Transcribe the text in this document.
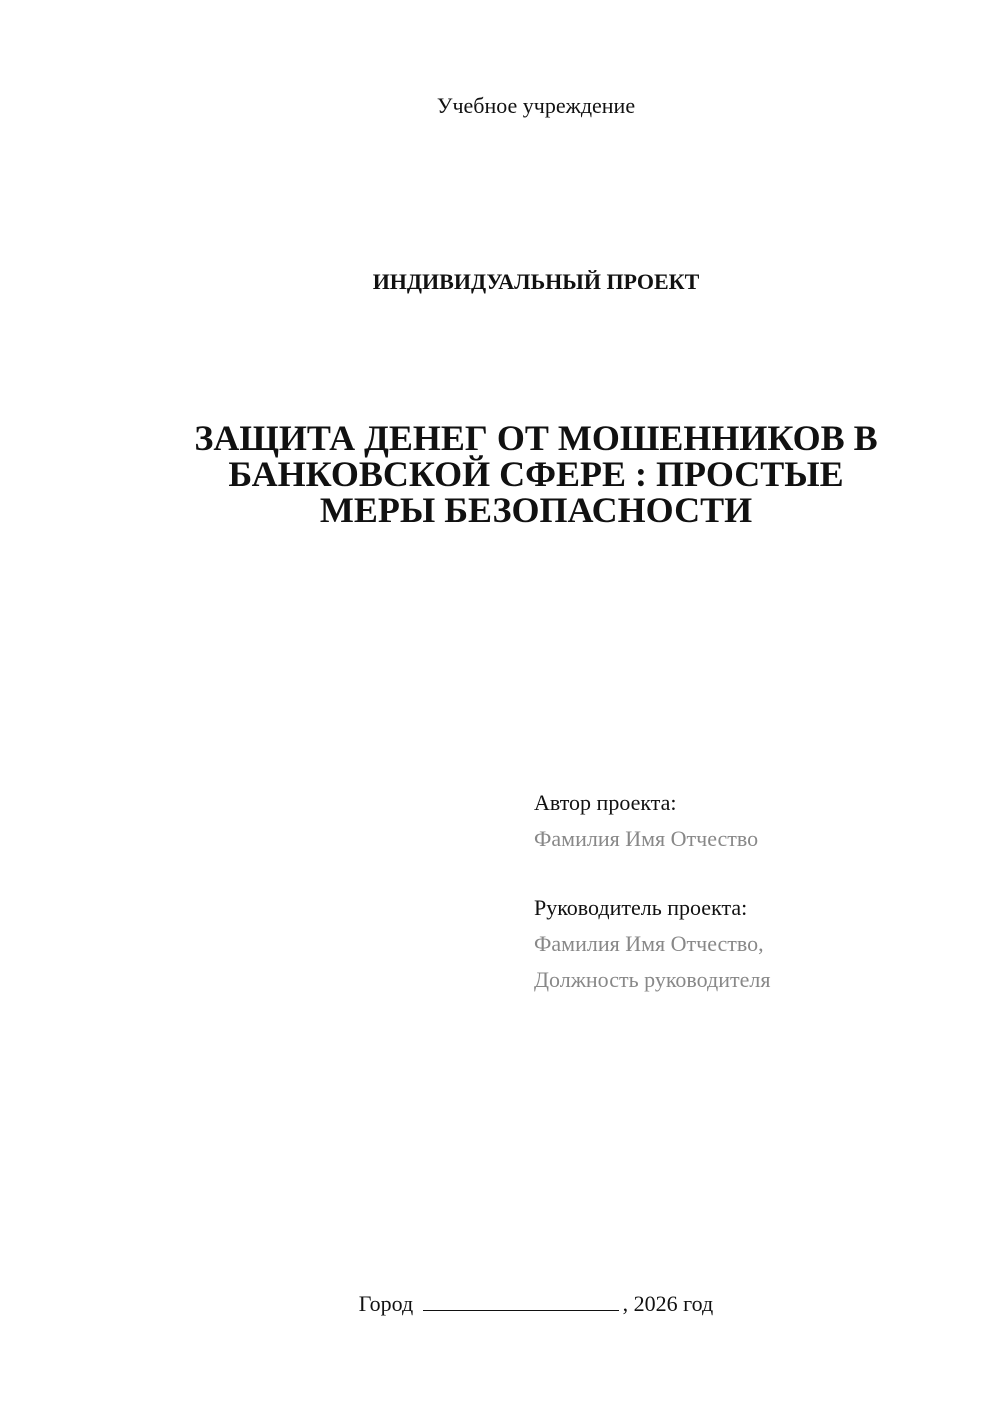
Учебное учреждение
ИНДИВИДУАЛЬНЫЙ ПРОЕКТ
ЗАЩИТА ДЕНЕГ ОТ МОШЕННИКОВ В
БАНКОВСКОЙ СФЕРЕ : ПРОСТЫЕ
МЕРЫ БЕЗОПАСНОСТИ
Автор проекта:
Фамилия Имя Отчество
Руководитель проекта:
Фамилия Имя Отчество,
Должность руководителя
Город	, 2026 год
